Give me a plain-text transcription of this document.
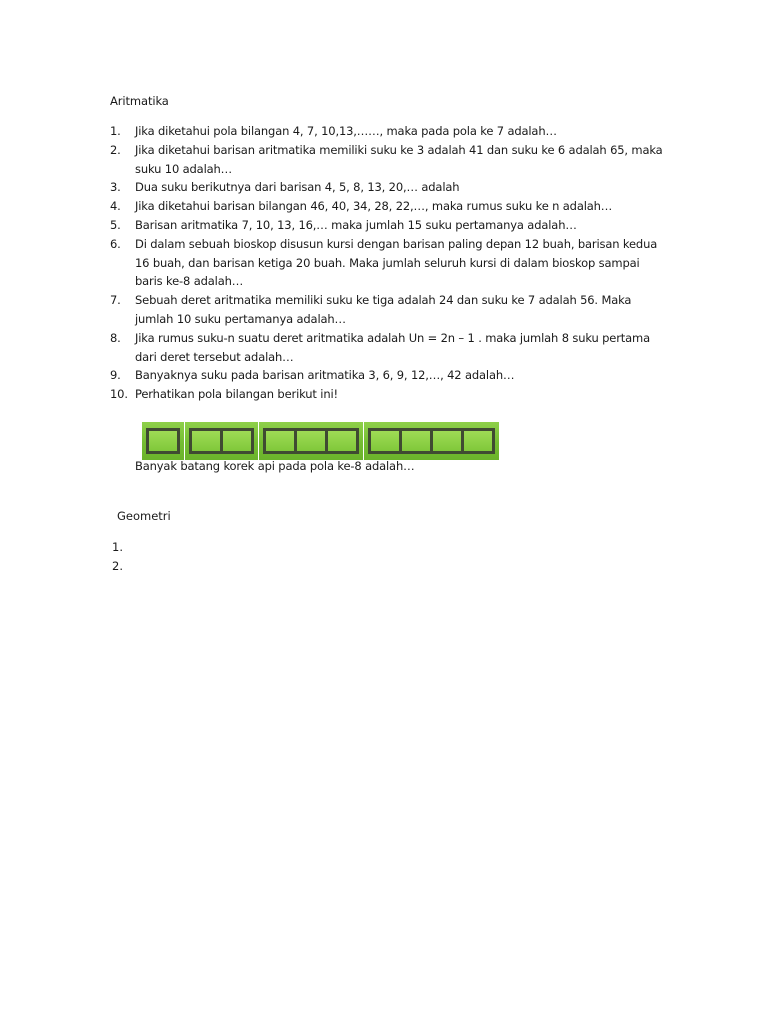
Aritmatika
1. Jika diketahui pola bilangan 4, 7, 10,13,……, maka pada pola ke 7 adalah…
2. Jika diketahui barisan aritmatika memiliki suku ke 3 adalah 41 dan suku ke 6 adalah 65, maka suku 10 adalah…
3. Dua suku berikutnya dari barisan 4, 5, 8, 13, 20,… adalah
4. Jika diketahui barisan bilangan 46, 40, 34, 28, 22,…, maka rumus suku ke n adalah…
5. Barisan aritmatika 7, 10, 13, 16,… maka jumlah 15 suku pertamanya adalah…
6. Di dalam sebuah bioskop disusun kursi dengan barisan paling depan 12 buah, barisan kedua 16 buah, dan barisan ketiga 20 buah. Maka jumlah seluruh kursi di dalam bioskop sampai baris ke-8 adalah…
7. Sebuah deret aritmatika memiliki suku ke tiga adalah 24 dan suku ke 7 adalah 56. Maka jumlah 10 suku pertamanya adalah…
8. Jika rumus suku-n suatu deret aritmatika adalah Un = 2n – 1 . maka jumlah 8 suku pertama dari deret tersebut adalah…
9. Banyaknya suku pada barisan aritmatika 3, 6, 9, 12,…, 42 adalah…
10. Perhatikan pola bilangan berikut ini!
Banyak batang korek api pada pola ke-8 adalah…
Geometri
1.
2.
